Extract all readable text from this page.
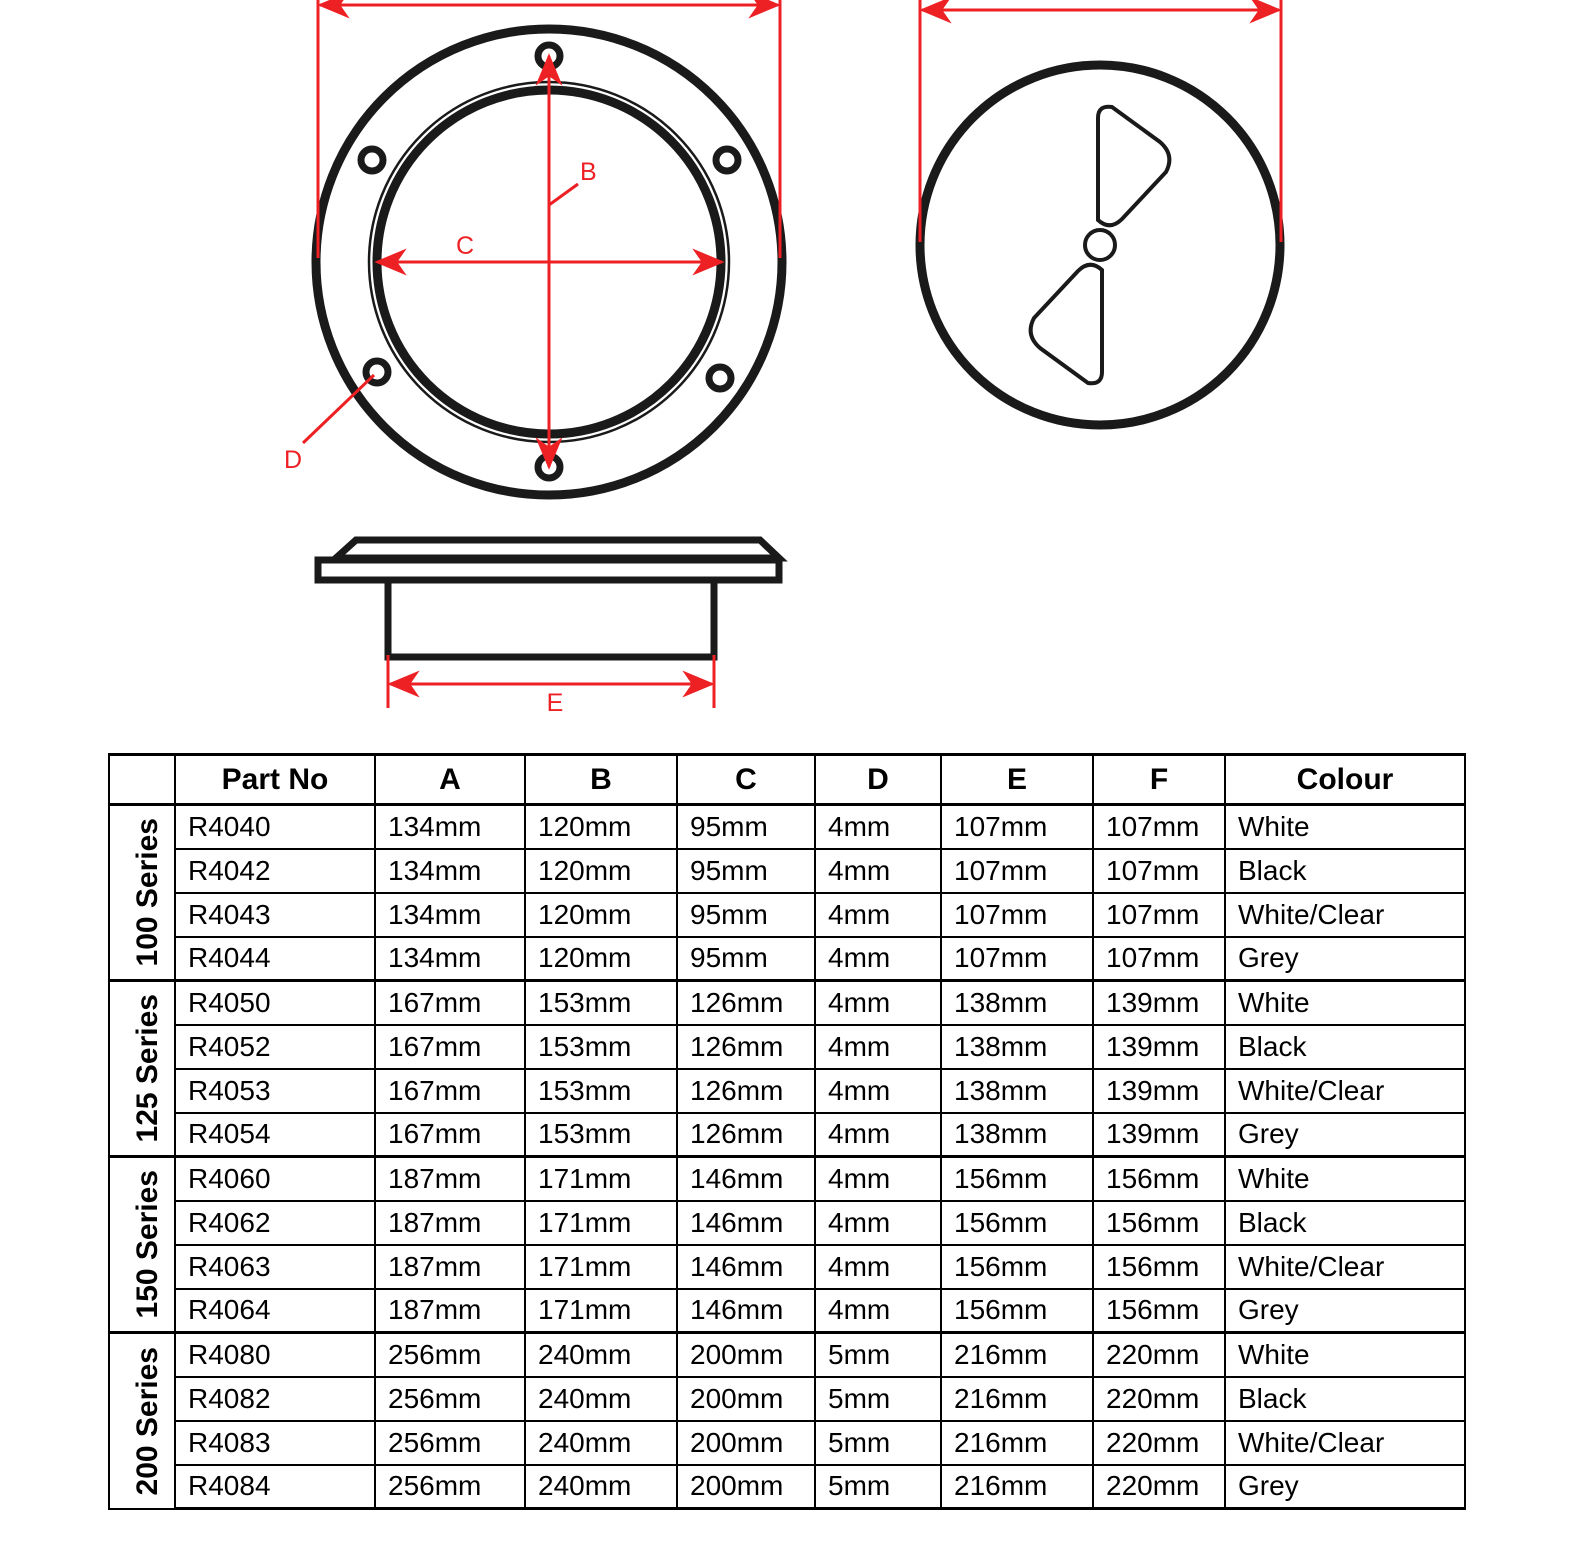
B
C
D
E
	Part No	A	B	C	D	E	F	Colour

100 Series	R4040	134mm	120mm	95mm	4mm	107mm	107mm	White
	R4042	134mm	120mm	95mm	4mm	107mm	107mm	Black
	R4043	134mm	120mm	95mm	4mm	107mm	107mm	White/Clear
	R4044	134mm	120mm	95mm	4mm	107mm	107mm	Grey

125 Series	R4050	167mm	153mm	126mm	4mm	138mm	139mm	White
	R4052	167mm	153mm	126mm	4mm	138mm	139mm	Black
	R4053	167mm	153mm	126mm	4mm	138mm	139mm	White/Clear
	R4054	167mm	153mm	126mm	4mm	138mm	139mm	Grey

150 Series	R4060	187mm	171mm	146mm	4mm	156mm	156mm	White
	R4062	187mm	171mm	146mm	4mm	156mm	156mm	Black
	R4063	187mm	171mm	146mm	4mm	156mm	156mm	White/Clear
	R4064	187mm	171mm	146mm	4mm	156mm	156mm	Grey

200 Series	R4080	256mm	240mm	200mm	5mm	216mm	220mm	White
	R4082	256mm	240mm	200mm	5mm	216mm	220mm	Black
	R4083	256mm	240mm	200mm	5mm	216mm	220mm	White/Clear
	R4084	256mm	240mm	200mm	5mm	216mm	220mm	Grey
